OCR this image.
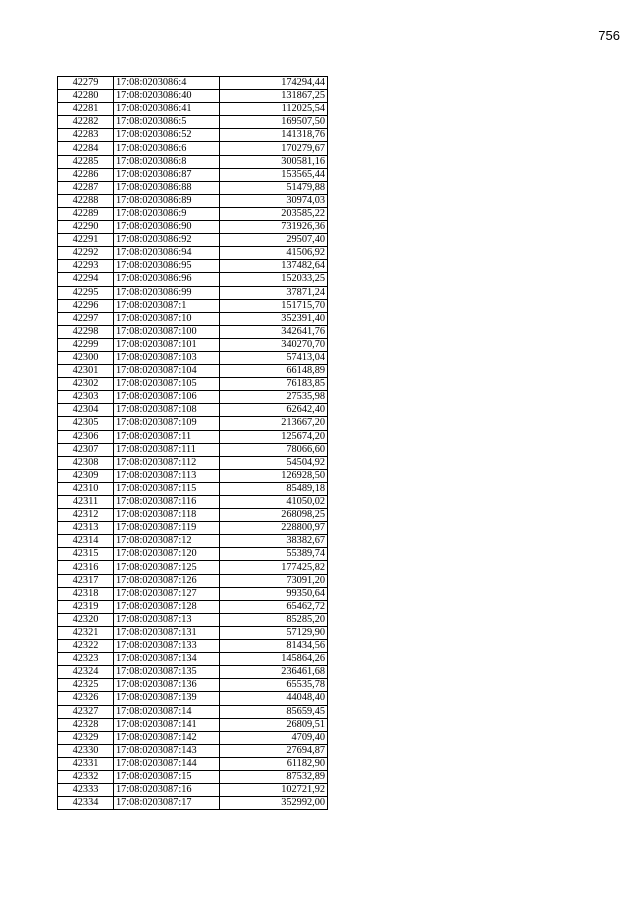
756
42279	17:08:0203086:4	174294,44
42280	17:08:0203086:40	131867,25
42281	17:08:0203086:41	112025,54
42282	17:08:0203086:5	169507,50
42283	17:08:0203086:52	141318,76
42284	17:08:0203086:6	170279,67
42285	17:08:0203086:8	300581,16
42286	17:08:0203086:87	153565,44
42287	17:08:0203086:88	51479,88
42288	17:08:0203086:89	30974,03
42289	17:08:0203086:9	203585,22
42290	17:08:0203086:90	731926,36
42291	17:08:0203086:92	29507,40
42292	17:08:0203086:94	41506,92
42293	17:08:0203086:95	137482,64
42294	17:08:0203086:96	152033,25
42295	17:08:0203086:99	37871,24
42296	17:08:0203087:1	151715,70
42297	17:08:0203087:10	352391,40
42298	17:08:0203087:100	342641,76
42299	17:08:0203087:101	340270,70
42300	17:08:0203087:103	57413,04
42301	17:08:0203087:104	66148,89
42302	17:08:0203087:105	76183,85
42303	17:08:0203087:106	27535,98
42304	17:08:0203087:108	62642,40
42305	17:08:0203087:109	213667,20
42306	17:08:0203087:11	125674,20
42307	17:08:0203087:111	78066,60
42308	17:08:0203087:112	54504,92
42309	17:08:0203087:113	126928,50
42310	17:08:0203087:115	85489,18
42311	17:08:0203087:116	41050,02
42312	17:08:0203087:118	268098,25
42313	17:08:0203087:119	228800,97
42314	17:08:0203087:12	38382,67
42315	17:08:0203087:120	55389,74
42316	17:08:0203087:125	177425,82
42317	17:08:0203087:126	73091,20
42318	17:08:0203087:127	99350,64
42319	17:08:0203087:128	65462,72
42320	17:08:0203087:13	85285,20
42321	17:08:0203087:131	57129,90
42322	17:08:0203087:133	81434,56
42323	17:08:0203087:134	145864,26
42324	17:08:0203087:135	236461,68
42325	17:08:0203087:136	65535,78
42326	17:08:0203087:139	44048,40
42327	17:08:0203087:14	85659,45
42328	17:08:0203087:141	26809,51
42329	17:08:0203087:142	4709,40
42330	17:08:0203087:143	27694,87
42331	17:08:0203087:144	61182,90
42332	17:08:0203087:15	87532,89
42333	17:08:0203087:16	102721,92
42334	17:08:0203087:17	352992,00
